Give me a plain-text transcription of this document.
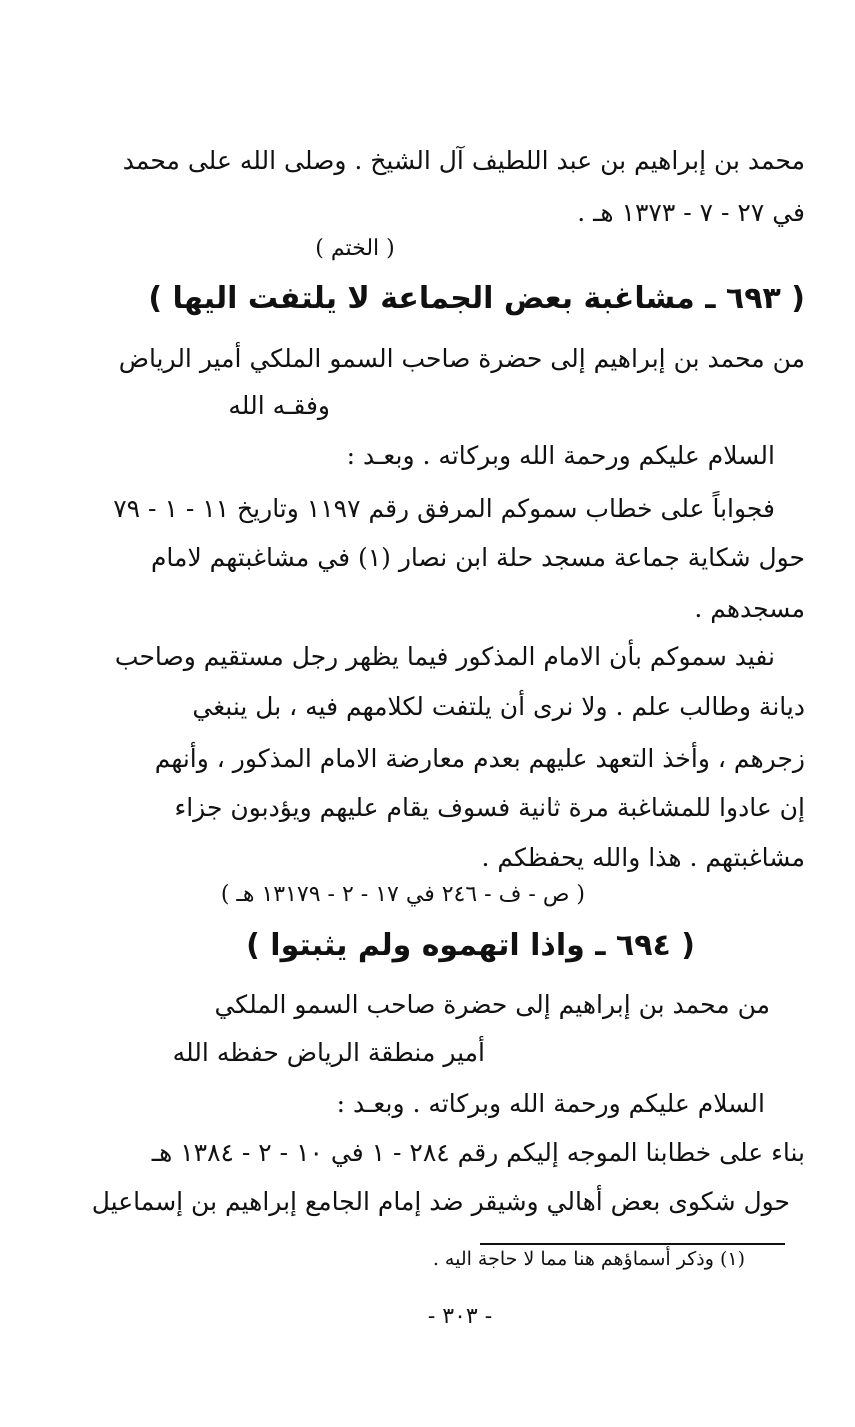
محمد بن إبراهيم بن عبد اللطيف آل الشيخ . وصلى الله على محمد
في ٢٧ - ٧ - ١٣٧٣ هـ .
( الختم )
( ٦٩٣ ـ مشاغبة بعض الجماعة لا يلتفت اليها )
من محمد بن إبراهيم إلى حضرة صاحب السمو الملكي أمير الرياض
وفقـه الله
السلام عليكم ورحمة الله وبركاته . وبعـد :
فجواباً على خطاب سموكم المرفق رقم ١١٩٧ وتاريخ ١١ - ١ - ٧٩
حول شكاية جماعة مسجد حلة ابن نصار (١) في مشاغبتهم لامام
مسجدهم .
نفيد سموكم بأن الامام المذكور فيما يظهر رجل مستقيم وصاحب
ديانة وطالب علم . ولا نرى أن يلتفت لكلامهم فيه ، بل ينبغي
زجرهم ، وأخذ التعهد عليهم بعدم معارضة الامام المذكور ، وأنهم
إن عادوا للمشاغبة مرة ثانية فسوف يقام عليهم ويؤدبون جزاء
مشاغبتهم . هذا والله يحفظكم .
( ص - ف - ٢٤٦ في ١٧ - ٢ - ١٣١٧٩ هـ )
( ٦٩٤ ـ واذا اتهموه ولم يثبتوا )
من محمد بن إبراهيم إلى حضرة صاحب السمو الملكي
أمير منطقة الرياض حفظه الله
السلام عليكم ورحمة الله وبركاته . وبعـد :
بناء على خطابنا الموجه إليكم رقم ٢٨٤ - ١ في ١٠ - ٢ - ١٣٨٤ هـ
حول شكوى بعض أهالي وشيقر ضد إمام الجامع إبراهيم بن إسماعيل
(١) وذكر أسماؤهم هنا مما لا حاجة اليه .
- ٣٠٣ -
